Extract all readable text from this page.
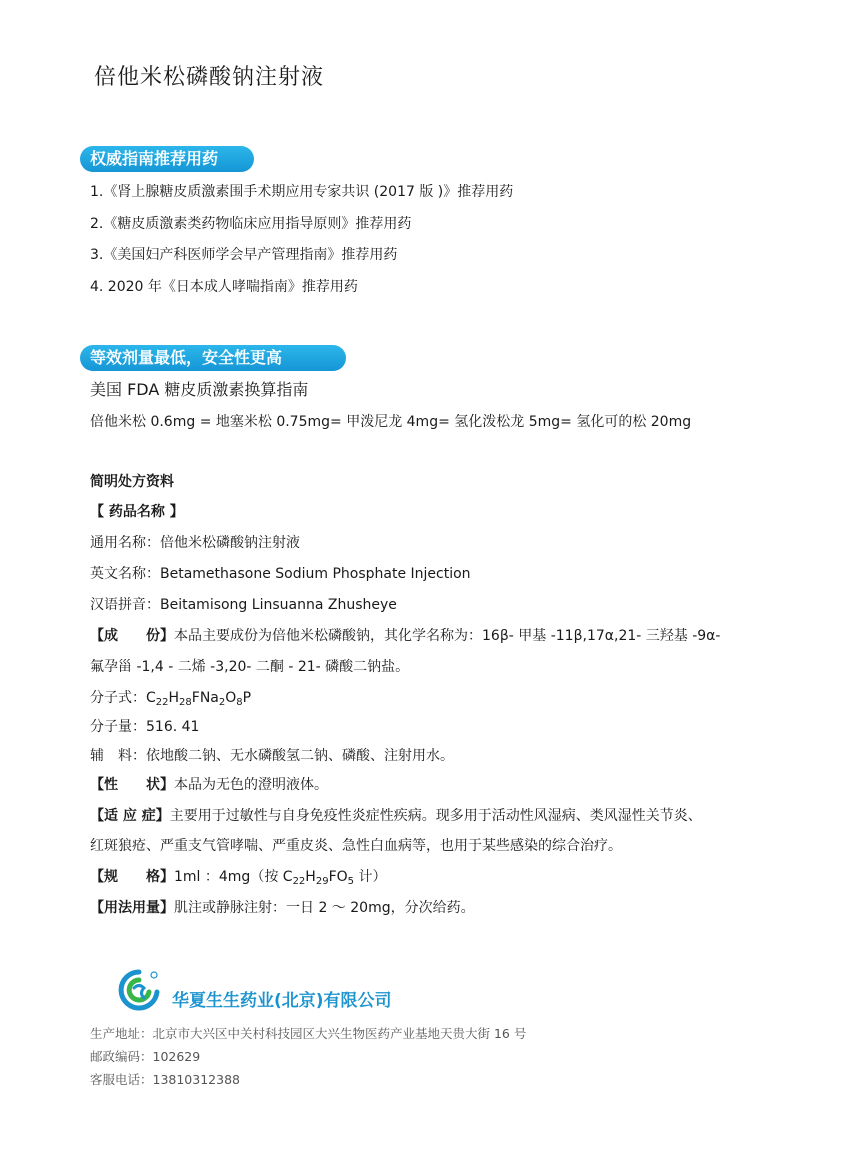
倍他米松磷酸钠注射液
权威指南推荐用药
1.《肾上腺糖皮质激素围手术期应用专家共识 (2017 版 )》推荐用药
2.《糖皮质激素类药物临床应用指导原则》推荐用药
3.《美国妇产科医师学会早产管理指南》推荐用药
4. 2020 年《日本成人哮喘指南》推荐用药
等效剂量最低，安全性更高
美国 FDA 糖皮质激素换算指南
倍他米松 0.6mg = 地塞米松 0.75mg= 甲泼尼龙 4mg= 氢化泼松龙 5mg= 氢化可的松 20mg
简明处方资料
【 药品名称 】
通用名称：倍他米松磷酸钠注射液
英文名称：Betamethasone Sodium Phosphate Injection
汉语拼音：Beitamisong Linsuanna Zhusheye
【成　　份】本品主要成份为倍他米松磷酸钠，其化学名称为：16β- 甲基 -11β,17α,21- 三羟基 -9α-
氟孕甾 -1,4 - 二烯 -3,20- 二酮 - 21- 磷酸二钠盐。
分子式：$C_{22}H_{28}FNa_2O_8P$
分子量：516. 41
辅　料：依地酸二钠、无水磷酸氢二钠、磷酸、注射用水。
【性　　状】本品为无色的澄明液体。
【适 应 症】主要用于过敏性与自身免疫性炎症性疾病。现多用于活动性风湿病、类风湿性关节炎、
红斑狼疮、严重支气管哮喘、严重皮炎、急性白血病等，也用于某些感染的综合治疗。
【规　　格】1ml ：4mg（按 $C_{22}H_{29}FO_5$ 计）
【用法用量】肌注或静脉注射：一日 2 ～ 20mg，分次给药。
华夏生生药业(北京)有限公司
生产地址：北京市大兴区中关村科技园区大兴生物医药产业基地天贵大街 16 号
邮政编码：102629
客服电话：13810312388
